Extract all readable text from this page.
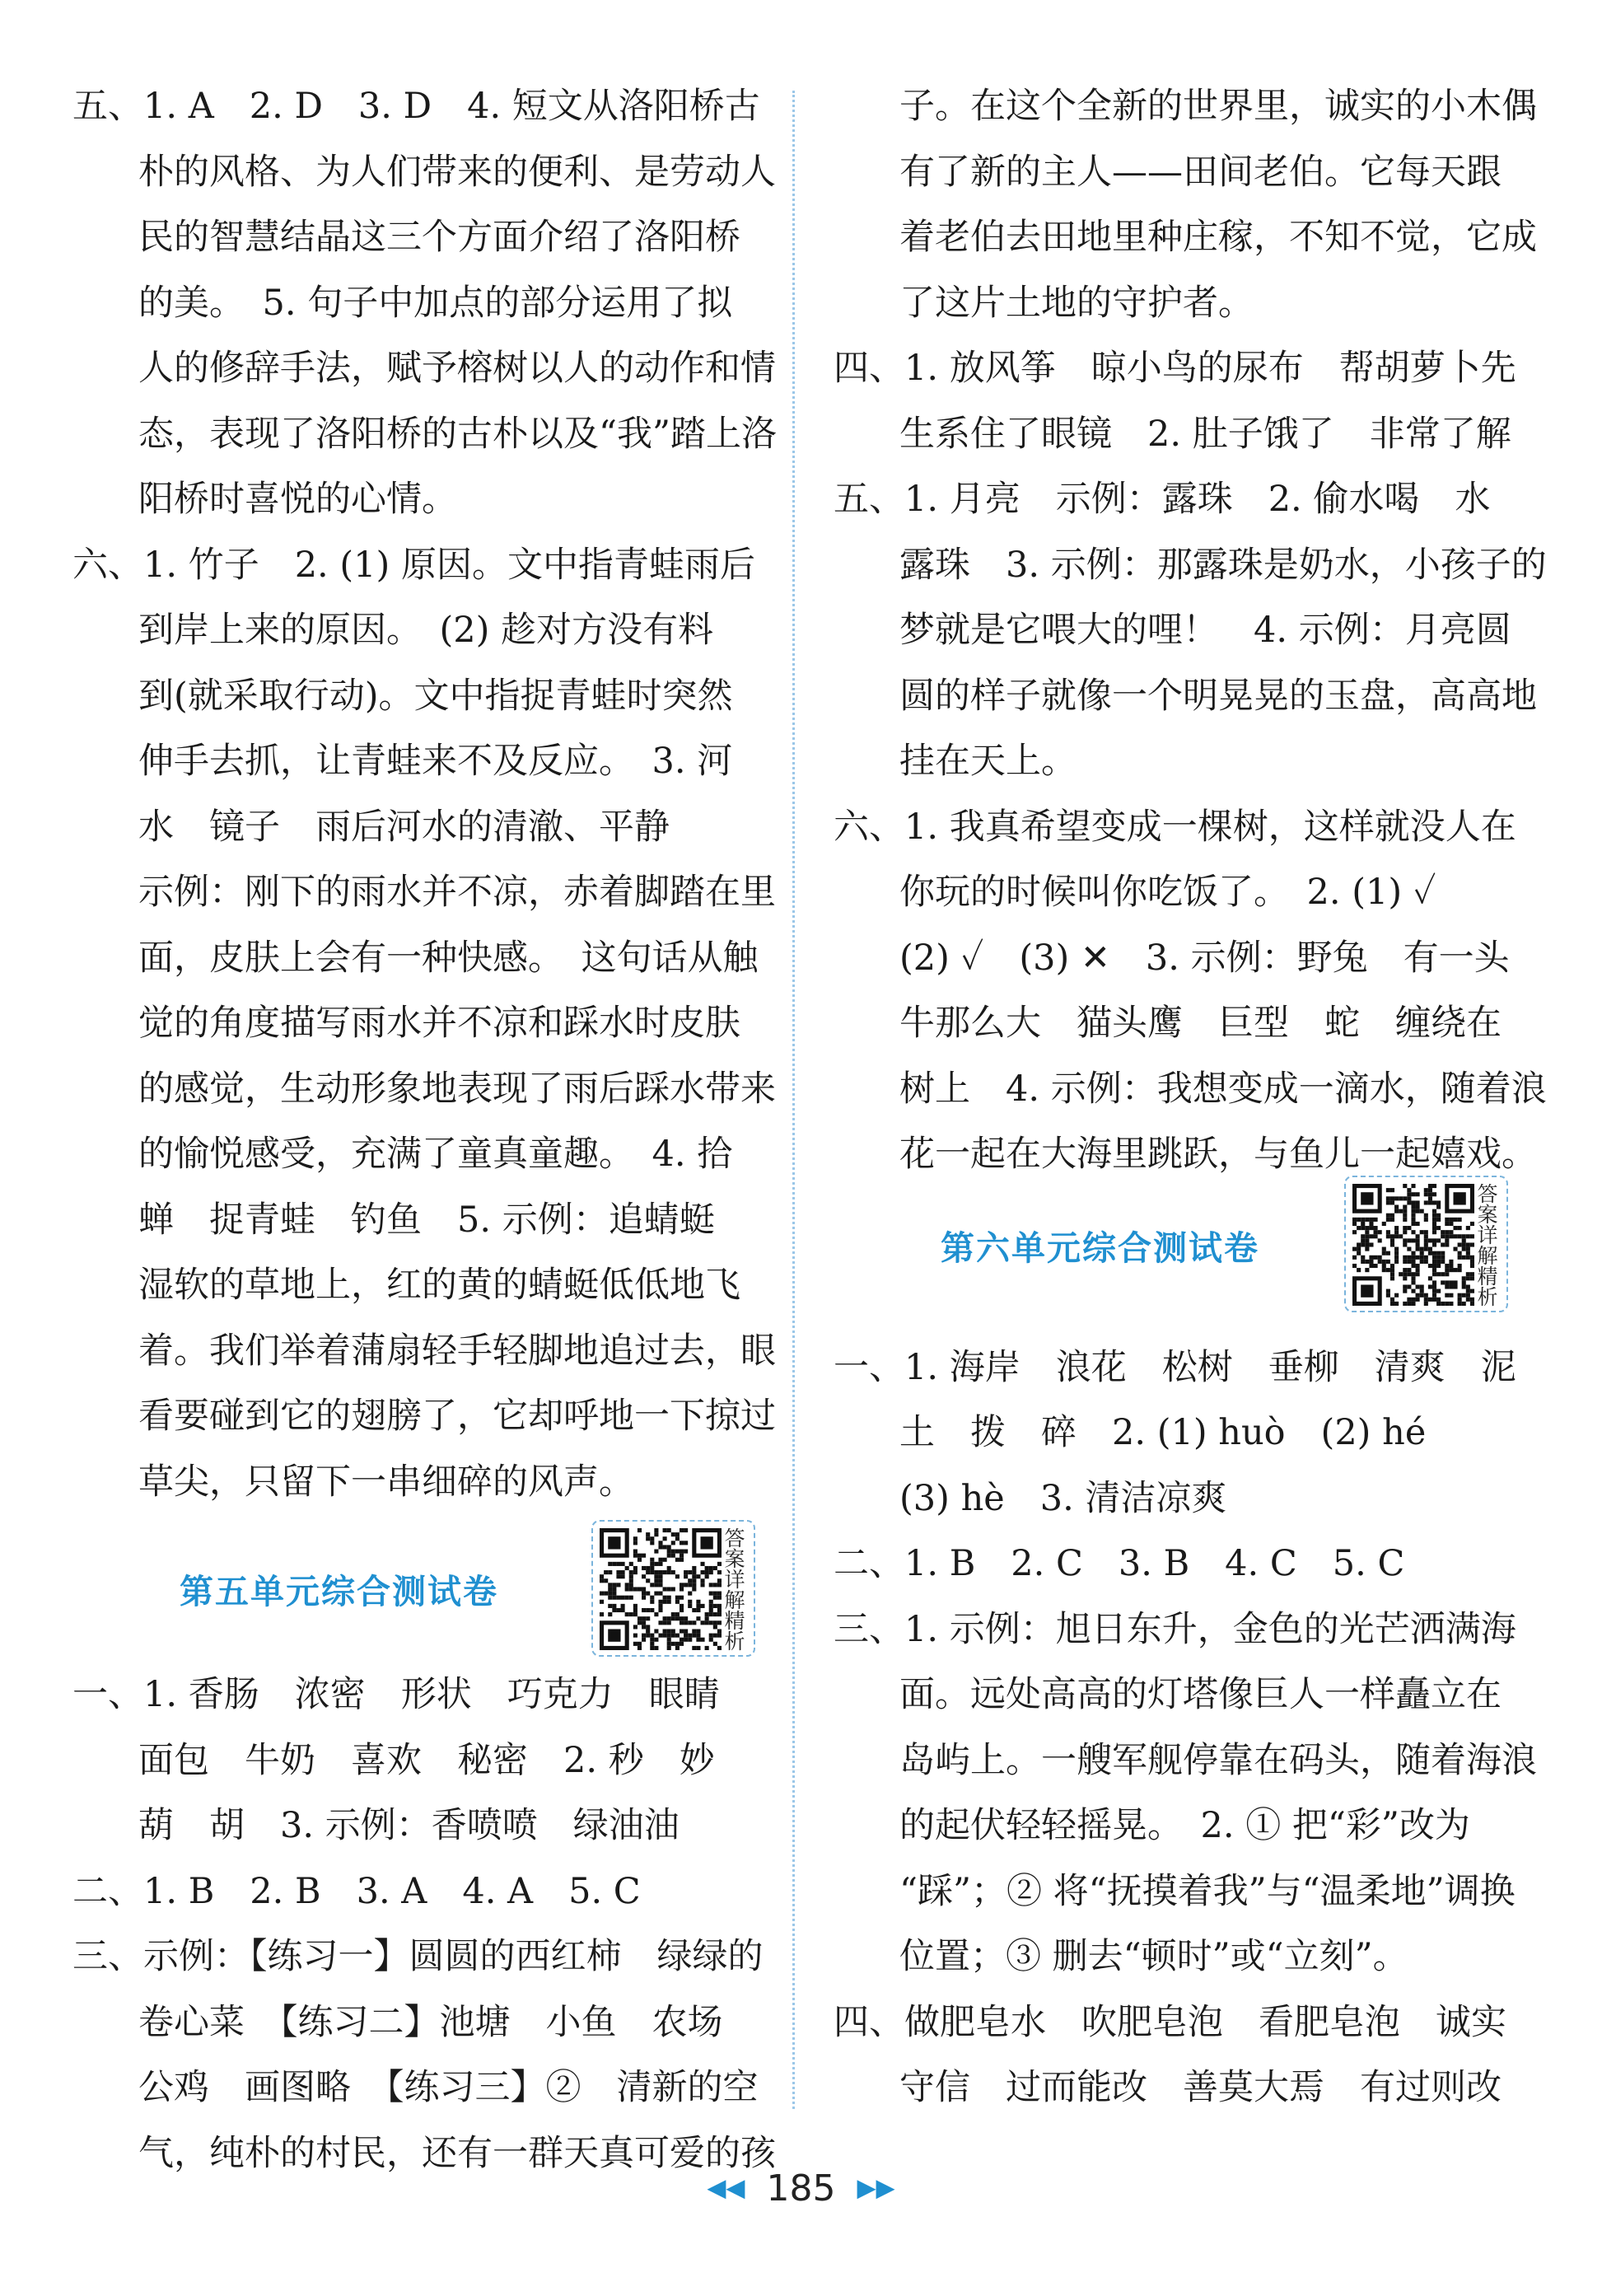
五、1. A　2. D　3. D　4. 短文从洛阳桥古
朴的风格、为人们带来的便利、是劳动人
民的智慧结晶这三个方面介绍了洛阳桥
的美。　5. 句子中加点的部分运用了拟
人的修辞手法，赋予榕树以人的动作和情
态，表现了洛阳桥的古朴以及“我”踏上洛
阳桥时喜悦的心情。
六、1. 竹子　2. (1) 原因。文中指青蛙雨后
到岸上来的原因。　(2) 趁对方没有料
到(就采取行动)。文中指捉青蛙时突然
伸手去抓，让青蛙来不及反应。　3. 河
水　镜子　雨后河水的清澈、平静
示例：刚下的雨水并不凉，赤着脚踏在里
面，皮肤上会有一种快感。　这句话从触
觉的角度描写雨水并不凉和踩水时皮肤
的感觉，生动形象地表现了雨后踩水带来
的愉悦感受，充满了童真童趣。　4. 拾
蝉　捉青蛙　钓鱼　5. 示例：追蜻蜓
湿软的草地上，红的黄的蜻蜓低低地飞
着。我们举着蒲扇轻手轻脚地追过去，眼
看要碰到它的翅膀了，它却呼地一下掠过
草尖，只留下一串细碎的风声。
第五单元综合测试卷
答案详解精析
一、1. 香肠　浓密　形状　巧克力　眼睛
面包　牛奶　喜欢　秘密　2. 秒　妙
葫　胡　3. 示例：香喷喷　绿油油
二、1. B　2. B　3. A　4. A　5. C
三、示例：【练习一】圆圆的西红柿　绿绿的
卷心菜　【练习二】池塘　小鱼　农场
公鸡　画图略　【练习三】②　清新的空
气，纯朴的村民，还有一群天真可爱的孩
子。在这个全新的世界里，诚实的小木偶
有了新的主人——田间老伯。它每天跟
着老伯去田地里种庄稼，不知不觉，它成
了这片土地的守护者。
四、1. 放风筝　晾小鸟的尿布　帮胡萝卜先
生系住了眼镜　2. 肚子饿了　非常了解
五、1. 月亮　示例：露珠　2. 偷水喝　水
露珠　3. 示例：那露珠是奶水，小孩子的
梦就是它喂大的哩！　4. 示例：月亮圆
圆的样子就像一个明晃晃的玉盘，高高地
挂在天上。
六、1. 我真希望变成一棵树，这样就没人在
你玩的时候叫你吃饭了。　2. (1) ✓
(2) ✓　(3) ✕　3. 示例：野兔　有一头
牛那么大　猫头鹰　巨型　蛇　缠绕在
树上　4. 示例：我想变成一滴水，随着浪
花一起在大海里跳跃，与鱼儿一起嬉戏。
第六单元综合测试卷
答案详解精析
一、1. 海岸　浪花　松树　垂柳　清爽　泥
土　拨　碎　2. (1) huò　(2) hé
(3) hè　3. 清洁凉爽
二、1. B　2. C　3. B　4. C　5. C
三、1. 示例：旭日东升，金色的光芒洒满海
面。远处高高的灯塔像巨人一样矗立在
岛屿上。一艘军舰停靠在码头，随着海浪
的起伏轻轻摇晃。　2. ① 把“彩”改为
“踩”；② 将“抚摸着我”与“温柔地”调换
位置；③ 删去“顿时”或“立刻”。
四、做肥皂水　吹肥皂泡　看肥皂泡　诚实
守信　过而能改　善莫大焉　有过则改
◀◀ 185 ▶▶
